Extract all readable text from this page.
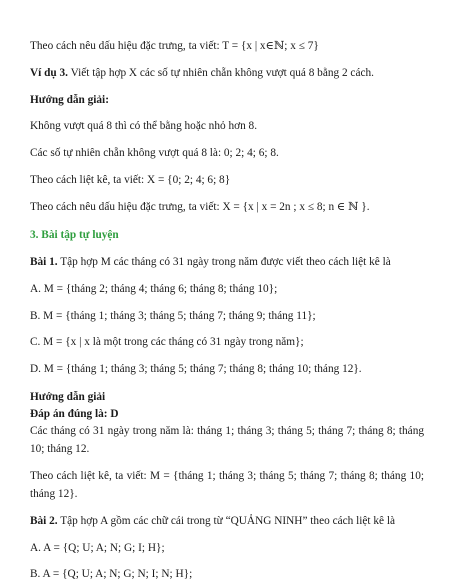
Theo cách nêu dấu hiệu đặc trưng, ta viết: T = {x | x∈ℕ; x ≤ 7}
Ví dụ 3. Viết tập hợp X các số tự nhiên chẵn không vượt quá 8 bằng 2 cách.
Hướng dẫn giải:
Không vượt quá 8 thì có thể bằng hoặc nhỏ hơn 8.
Các số tự nhiên chẵn không vượt quá 8 là: 0; 2; 4; 6; 8.
Theo cách liệt kê, ta viết: X = {0; 2; 4; 6; 8}
Theo cách nêu dấu hiệu đặc trưng, ta viết: X = {x | x = 2n ; x ≤ 8; n ∈ ℕ }.
3. Bài tập tự luyện
Bài 1. Tập hợp M các tháng có 31 ngày trong năm được viết theo cách liệt kê là
A. M = {tháng 2; tháng 4; tháng 6; tháng 8; tháng 10};
B. M = {tháng 1; tháng 3; tháng 5; tháng 7; tháng 9; tháng 11};
C. M = {x | x là một trong các tháng có 31 ngày trong năm};
D. M = {tháng 1; tháng 3; tháng 5; tháng 7; tháng 8; tháng 10; tháng 12}.
Hướng dẫn giải
Đáp án đúng là: D
Các tháng có 31 ngày trong năm là: tháng 1; tháng 3; tháng 5; tháng 7; tháng 8; tháng
10; tháng 12.
Theo cách liệt kê, ta viết: M = {tháng 1; tháng 3; tháng 5; tháng 7; tháng 8; tháng 10;
tháng 12}.
Bài 2. Tập hợp A gồm các chữ cái trong từ “QUẢNG NINH” theo cách liệt kê là
A. A = {Q; U; A; N; G; I; H};
B. A = {Q; U; A; N; G; N; I; N; H};
